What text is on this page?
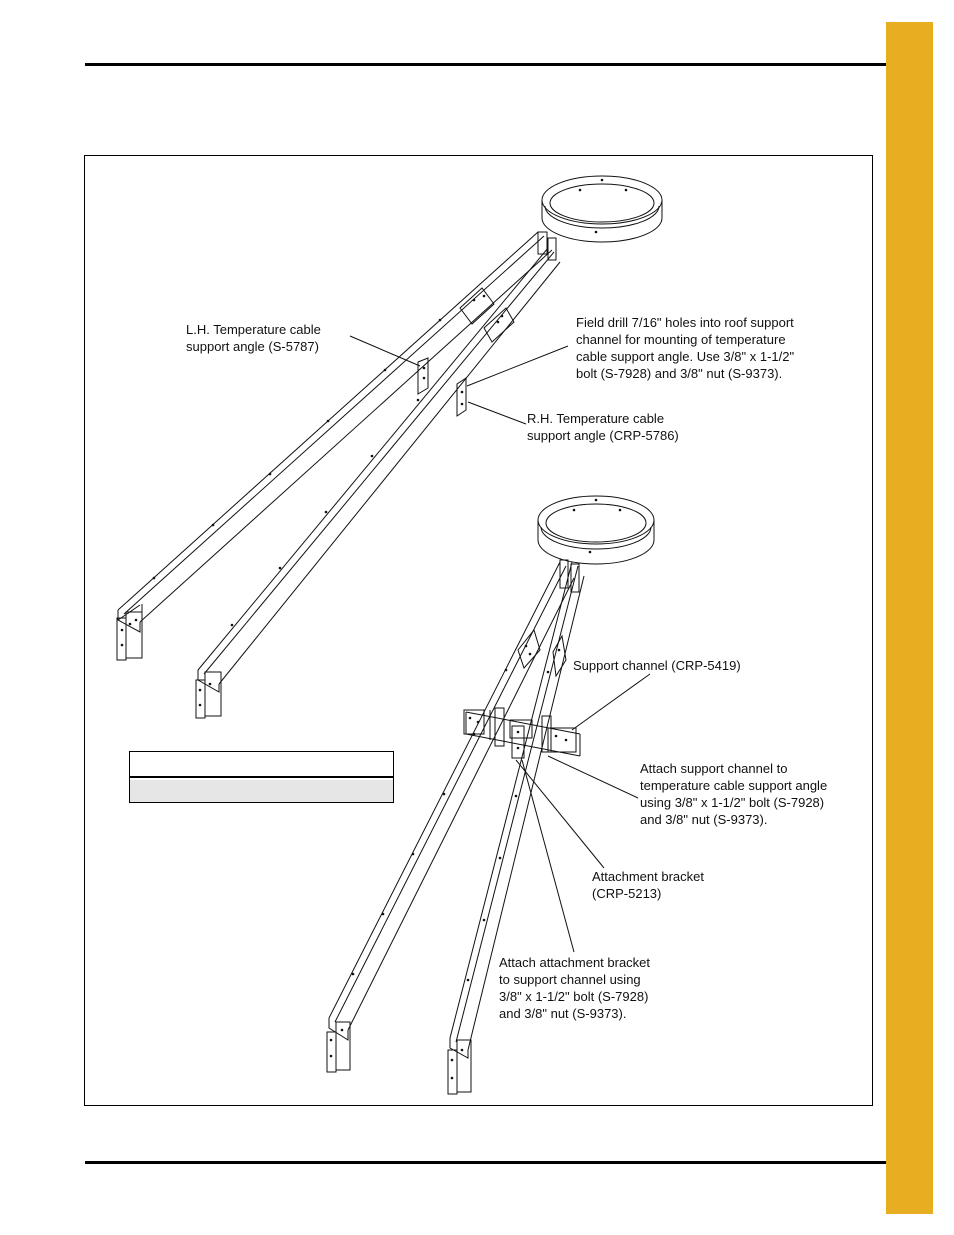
L.H. Temperature cable
support angle (S-5787)
Field drill 7/16" holes into roof support
channel for mounting of temperature
cable support angle. Use 3/8" x 1-1/2"
bolt (S-7928) and 3/8" nut (S-9373).
R.H. Temperature cable
support angle (CRP-5786)
Support channel (CRP-5419)
Attach support channel to
temperature cable support angle
using 3/8" x 1-1/2" bolt (S-7928)
and 3/8" nut (S-9373).
Attachment bracket
(CRP-5213)
Attach attachment bracket
to support channel using
3/8" x 1-1/2" bolt (S-7928)
and 3/8" nut (S-9373).
